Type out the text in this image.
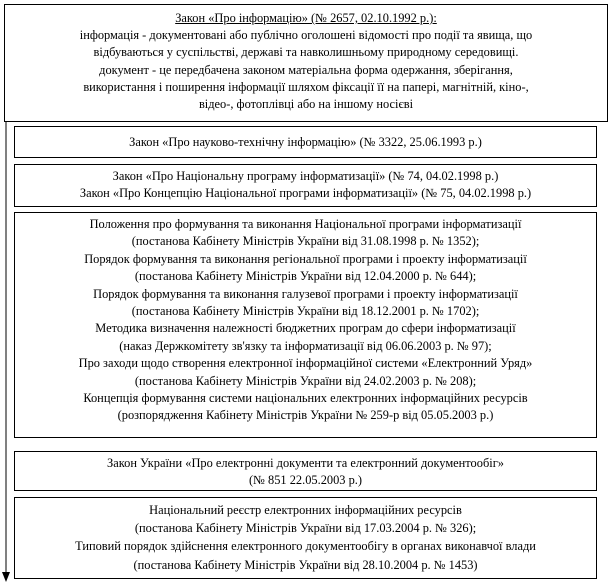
Закон «Про інформацію» (№ 2657, 02.10.1992 р.):
інформація - документовані або публічно оголошені відомості про події та явища, що
відбуваються у суспільстві, державі та навколишньому природному середовищі.
документ - це передбачена законом матеріальна форма одержання, зберігання,
використання і поширення інформації шляхом фіксації її на папері, магнітній, кіно-,
відео-, фотоплівці або на іншому носієві
Закон «Про науково-технічну інформацію» (№ 3322, 25.06.1993 р.)
Закон «Про Національну програму інформатизації» (№ 74, 04.02.1998 р.)
Закон «Про Концепцію Національної програми інформатизації» (№ 75, 04.02.1998 р.)
Положення про формування та виконання Національної програми інформатизації
(постанова Кабінету Міністрів України від 31.08.1998 р. № 1352);
Порядок формування та виконання регіональної програми і проекту інформатизації
(постанова Кабінету Міністрів України від 12.04.2000 р. № 644);
Порядок формування та виконання галузевої програми і проекту інформатизації
(постанова Кабінету Міністрів України від 18.12.2001 р. № 1702);
Методика визначення належності бюджетних програм до сфери інформатизації
(наказ Держкомітету зв'язку та інформатизації від 06.06.2003 р. № 97);
Про заходи щодо створення електронної інформаційної системи «Електронний Уряд»
(постанова Кабінету Міністрів України від 24.02.2003 р. № 208);
Концепція формування системи національних електронних інформаційних ресурсів
(розпорядження Кабінету Міністрів України № 259-р від 05.05.2003 р.)
Закон України «Про електронні документи та електронний документообіг»
(№ 851 22.05.2003 р.)
Національний реєстр електронних інформаційних ресурсів
(постанова Кабінету Міністрів України від 17.03.2004 р. № 326);
Типовий порядок здійснення електронного документообігу в органах виконавчої влади
(постанова Кабінету Міністрів України від 28.10.2004 р. № 1453)
